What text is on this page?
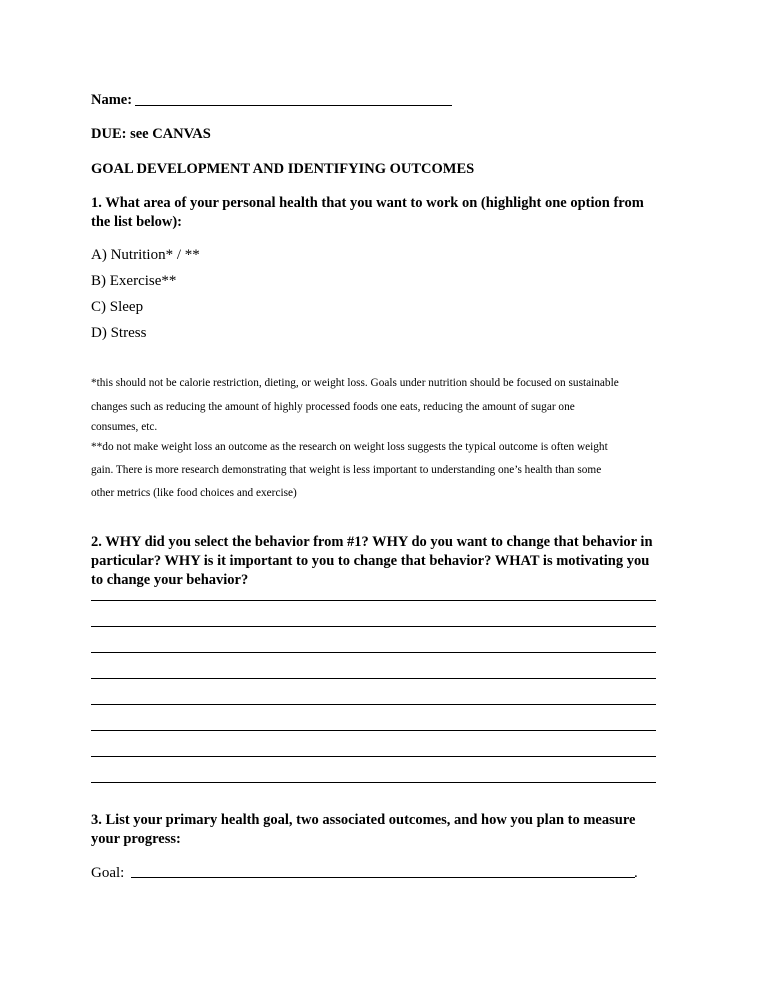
Name:
DUE: see CANVAS
GOAL DEVELOPMENT AND IDENTIFYING OUTCOMES
1. What area of your personal health that you want to work on (highlight one option from
the list below):
A) Nutrition* / **
B) Exercise**
C) Sleep
D) Stress
*this should not be calorie restriction, dieting, or weight loss. Goals under nutrition should be focused on sustainable
changes such as reducing the amount of highly processed foods one eats, reducing the amount of sugar one
consumes, etc.
**do not make weight loss an outcome as the research on weight loss suggests the typical outcome is often weight
gain. There is more research demonstrating that weight is less important to understanding one’s health than some
other metrics (like food choices and exercise)
2. WHY did you select the behavior from #1? WHY do you want to change that behavior in
particular? WHY is it important to you to change that behavior? WHAT is motivating you
to change your behavior?
3. List your primary health goal, two associated outcomes, and how you plan to measure
your progress:
Goal:	.
